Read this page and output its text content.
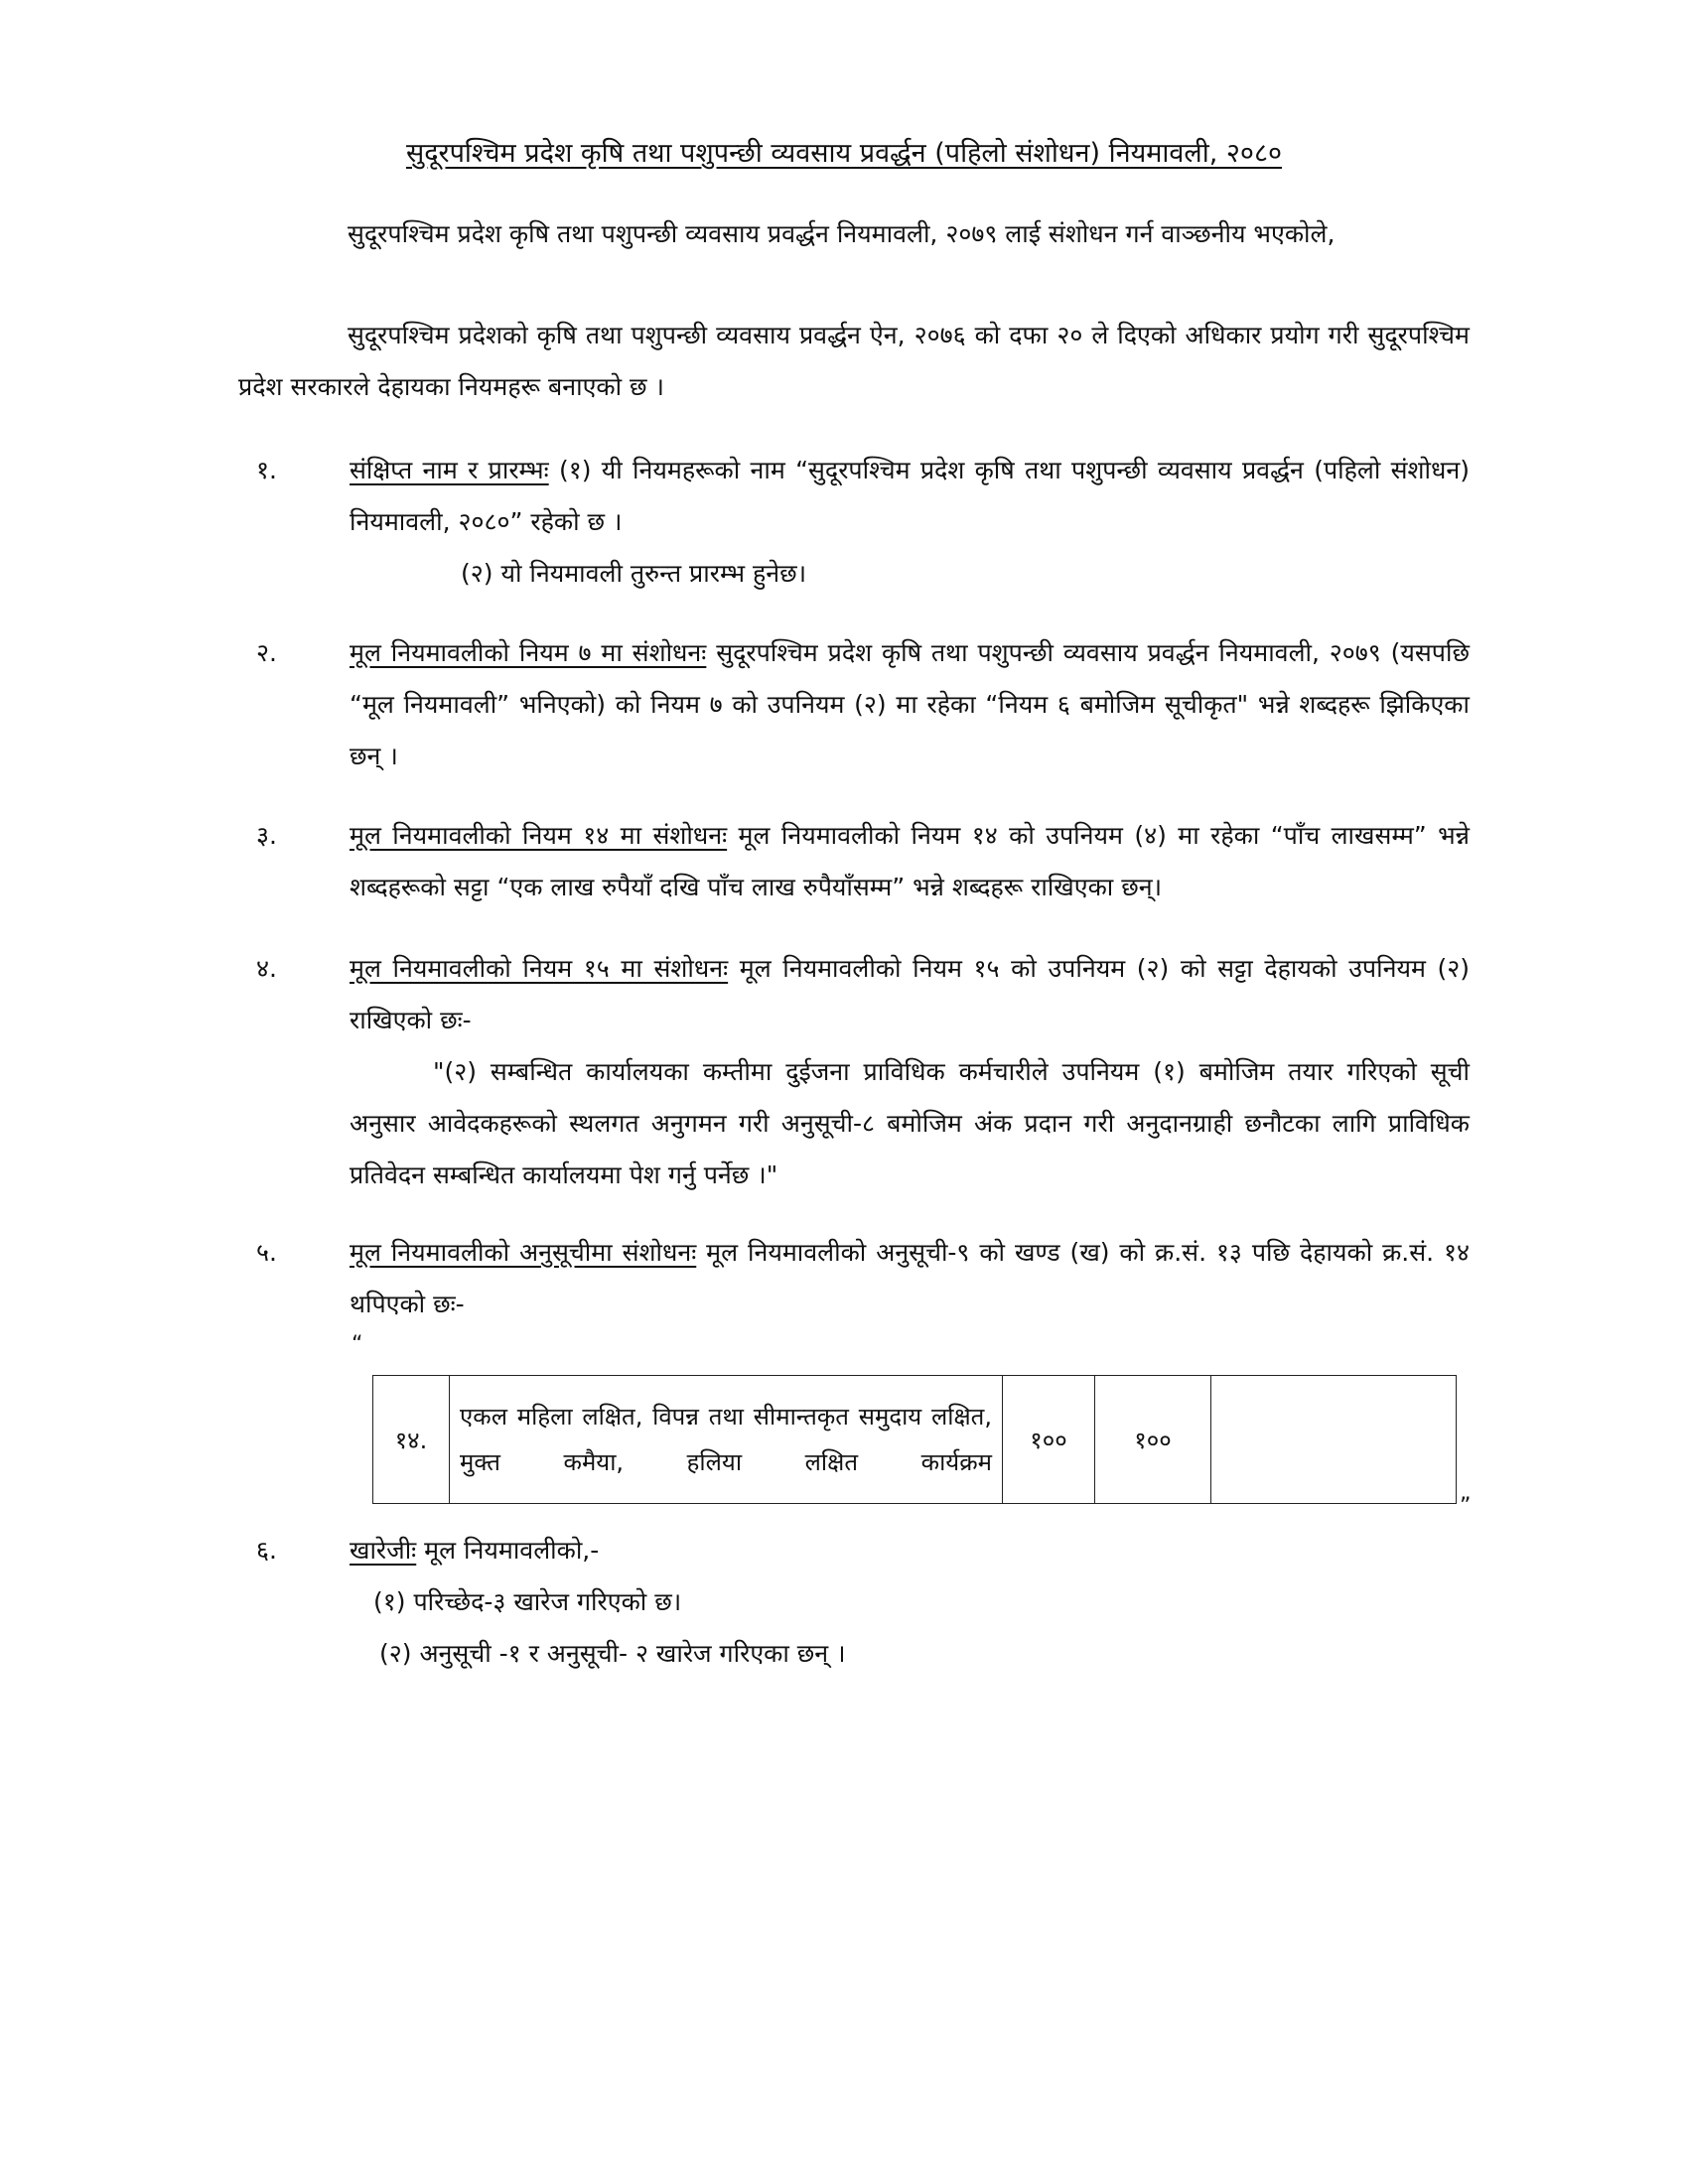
सुदूरपश्चिम प्रदेश कृषि तथा पशुपन्छी व्यवसाय प्रवर्द्धन (पहिलो संशोधन) नियमावली, २०८०
सुदूरपश्चिम प्रदेश कृषि तथा पशुपन्छी व्यवसाय प्रवर्द्धन नियमावली, २०७९ लाई संशोधन गर्न वाञ्छनीय भएकोले,
सुदूरपश्चिम प्रदेशको कृषि तथा पशुपन्छी व्यवसाय प्रवर्द्धन ऐन, २०७६ को दफा २० ले दिएको अधिकार प्रयोग गरी सुदूरपश्चिम प्रदेश सरकारले देहायका नियमहरू बनाएको छ ।
१.	संक्षिप्त नाम र प्रारम्भः (१) यी नियमहरूको नाम “सुदूरपश्चिम प्रदेश कृषि तथा पशुपन्छी व्यवसाय प्रवर्द्धन (पहिलो संशोधन) नियमावली, २०८०” रहेको छ ।
(२) यो नियमावली तुरुन्त प्रारम्भ हुनेछ।
२.	मूल नियमावलीको नियम ७ मा संशोधनः सुदूरपश्चिम प्रदेश कृषि तथा पशुपन्छी व्यवसाय प्रवर्द्धन नियमावली, २०७९ (यसपछि “मूल नियमावली” भनिएको) को नियम ७ को उपनियम (२) मा रहेका “नियम ६ बमोजिम सूचीकृत" भन्ने शब्दहरू झिकिएका छन् ।
३.	मूल नियमावलीको नियम १४ मा संशोधनः मूल नियमावलीको नियम १४ को उपनियम (४) मा रहेका “पाँच लाखसम्म” भन्ने शब्दहरूको सट्टा “एक लाख रुपैयाँ दखि पाँच लाख रुपैयाँसम्म” भन्ने शब्दहरू राखिएका छन्।
४.	मूल नियमावलीको नियम १५ मा संशोधनः मूल नियमावलीको नियम १५ को उपनियम (२) को सट्टा देहायको उपनियम (२) राखिएको छः-
"(२) सम्बन्धित कार्यालयका कम्तीमा दुईजना प्राविधिक कर्मचारीले उपनियम (१) बमोजिम तयार गरिएको सूची अनुसार आवेदकहरूको स्थलगत अनुगमन गरी अनुसूची-८ बमोजिम अंक प्रदान गरी अनुदानग्राही छनौटका लागि प्राविधिक प्रतिवेदन सम्बन्धित कार्यालयमा पेश गर्नु पर्नेछ ।"
५.	मूल नियमावलीको अनुसूचीमा संशोधनः मूल नियमावलीको अनुसूची-९ को खण्ड (ख) को क्र.सं. १३ पछि देहायको क्र.सं. १४ थपिएको छः-
“
१४.	एकल महिला लक्षित, विपन्न तथा सीमान्तकृत समुदाय लक्षित, मुक्त कमैया, हलिया लक्षित कार्यक्रम	१००	१००	
”
६.	खारेजीः मूल नियमावलीको,-
(१) परिच्छेद-३ खारेज गरिएको छ।
(२) अनुसूची -१ र अनुसूची- २ खारेज गरिएका छन् ।
